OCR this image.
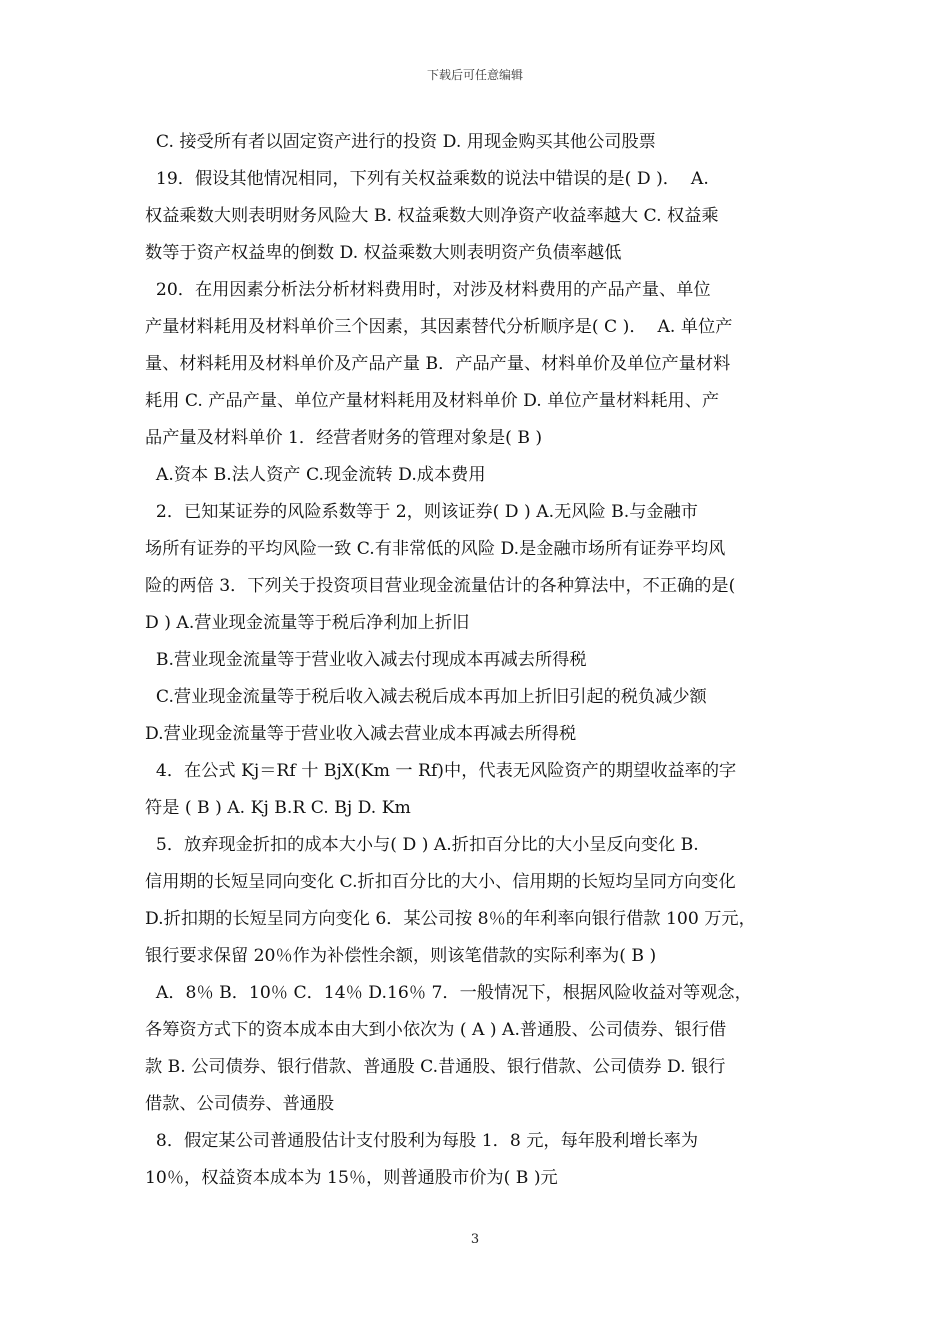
下载后可任意编辑
C. 接受所有者以固定资产进行的投资 D. 用现金购买其他公司股票
19．假设其他情况相同，下列有关权益乘数的说法中错误的是( D )．  A.
权益乘数大则表明财务风险大 B. 权益乘数大则净资产收益率越大 C. 权益乘
数等于资产权益卑的倒数 D. 权益乘数大则表明资产负债率越低
20．在用因素分析法分析材料费用时，对涉及材料费用的产品产量、单位
产量材料耗用及材料单价三个因素，其因素替代分析顺序是( C )．  A. 单位产
量、材料耗用及材料单价及产品产量 B．产品产量、材料单价及单位产量材料
耗用 C. 产品产量、单位产量材料耗用及材料单价 D. 单位产量材料耗用、产
品产量及材料单价 1．经营者财务的管理对象是( B )
A.资本 B.法人资产 C.现金流转 D.成本费用
2．已知某证券的风险系数等于 2，则该证券( D ) A.无风险 B.与金融市
场所有证券的平均风险一致 C.有非常低的风险 D.是金融市场所有证券平均风
险的两倍 3．下列关于投资项目营业现金流量估计的各种算法中，不正确的是(
D ) A.营业现金流量等于税后净利加上折旧
B.营业现金流量等于营业收入减去付现成本再减去所得税
C.营业现金流量等于税后收入减去税后成本再加上折旧引起的税负减少额
D.营业现金流量等于营业收入减去营业成本再减去所得税
4．在公式 Kj＝Rf 十 BjX(Km 一 Rf)中，代表无风险资产的期望收益率的字
符是 ( B ) A. Kj B.R C. Bj D. Km
5．放弃现金折扣的成本大小与( D ) A.折扣百分比的大小呈反向变化 B.
信用期的长短呈同向变化 C.折扣百分比的大小、信用期的长短均呈同方向变化
D.折扣期的长短呈同方向变化 6．某公司按 8％的年利率向银行借款 100 万元，
银行要求保留 20％作为补偿性余额，则该笔借款的实际利率为( B )
A．8％ B．10％ C．14％ D.16％ 7．一般情况下，根据风险收益对等观念，
各筹资方式下的资本成本由大到小依次为 ( A ) A.普通股、公司债券、银行借
款 B. 公司债券、银行借款、普通股 C.昔通股、银行借款、公司债券 D. 银行
借款、公司债券、普通股
8．假定某公司普通股估计支付股利为每股 1．8 元，每年股利增长率为
10％，权益资本成本为 15％，则普通股市价为( B )元
3
